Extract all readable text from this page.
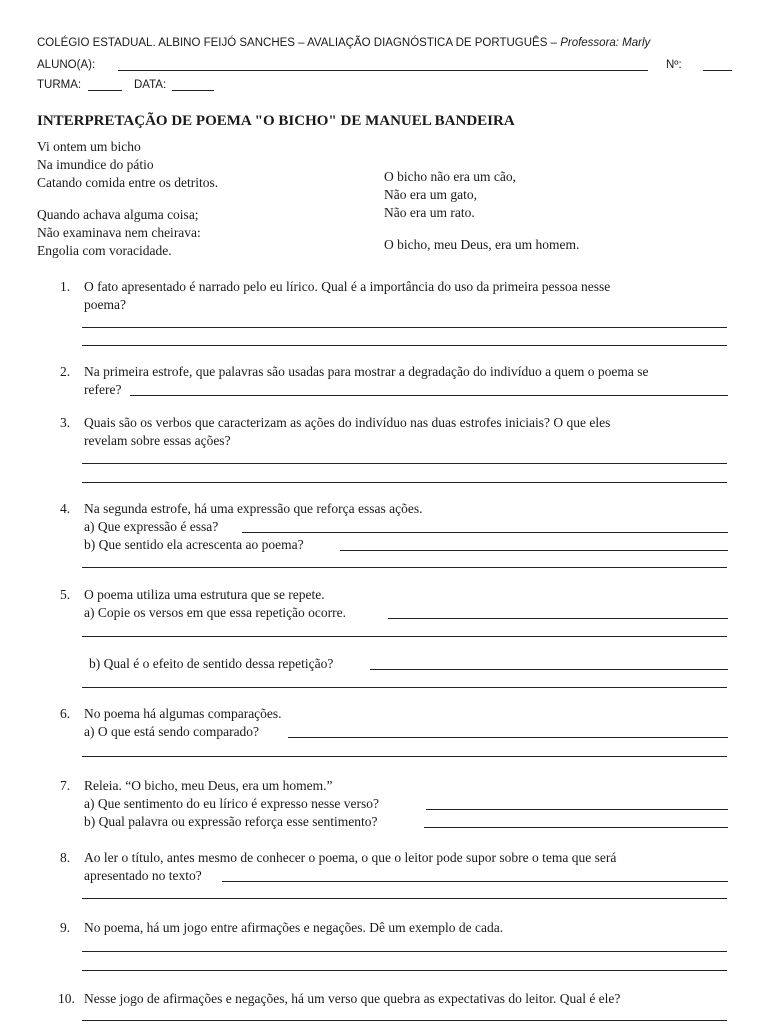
COLÉGIO ESTADUAL. ALBINO FEIJÓ SANCHES – AVALIAÇÃO DIAGNÓSTICA DE PORTUGUÊS – Professora: Marly
ALUNO(A):	Nº:
TURMA:	DATA:
INTERPRETAÇÃO DE POEMA "O BICHO" DE MANUEL BANDEIRA
Vi ontem um bicho
Na imundice do pátio
Catando comida entre os detritos.
Quando achava alguma coisa;
Não examinava nem cheirava:
Engolia com voracidade.
O bicho não era um cão,
Não era um gato,
Não era um rato.
O bicho, meu Deus, era um homem.
1. O fato apresentado é narrado pelo eu lírico. Qual é a importância do uso da primeira pessoa nesse
poema?
2. Na primeira estrofe, que palavras são usadas para mostrar a degradação do indivíduo a quem o poema se
refere?
3. Quais são os verbos que caracterizam as ações do indivíduo nas duas estrofes iniciais? O que eles
revelam sobre essas ações?
4. Na segunda estrofe, há uma expressão que reforça essas ações.
a) Que expressão é essa?
b) Que sentido ela acrescenta ao poema?
5. O poema utiliza uma estrutura que se repete.
a) Copie os versos em que essa repetição ocorre.
b) Qual é o efeito de sentido dessa repetição?
6. No poema há algumas comparações.
a) O que está sendo comparado?
7. Releia. “O bicho, meu Deus, era um homem.”
a) Que sentimento do eu lírico é expresso nesse verso?
b) Qual palavra ou expressão reforça esse sentimento?
8. Ao ler o título, antes mesmo de conhecer o poema, o que o leitor pode supor sobre o tema que será
apresentado no texto?
9. No poema, há um jogo entre afirmações e negações. Dê um exemplo de cada.
10. Nesse jogo de afirmações e negações, há um verso que quebra as expectativas do leitor. Qual é ele?
